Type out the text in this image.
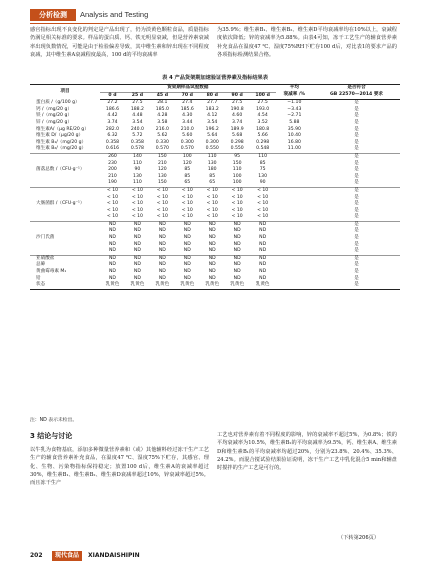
分析检测	Analysis and Testing
感官指标出现不良变化的判定是产品出现了，仍为淡黄色颗粒食品，质量指标仍满足相关标准的要求。样品的蛋白质、钙、铁无明显衰减，但是营养素衰减率出现负数情况，可能是由于检验偏差导致，其中维生素和锌出现在不同程度衰减，其中维生素A衰减程度最高，100 d的平均衰减率
为35.9%；维生素B₁、维生素B₂、维生素D平均衰减率均在10%以上，衰减程度依次降低；锌的衰减率为5.88%。由表4可知，冻干工艺生产的辅食营养素补充食品在温度47 ℃、湿度75%RH下贮存100 d后，对比表1的要求产品的各项指标检测结果合格。
表 4 产品货架期加速验证营养素及指标结果表
项目	货架期样品试验数据							平均	是否符合
	0 d	25 d	45 d	70 d	80 d	90 d	100 d	衰减率 /%	GB 22570—2014 要求
蛋白质 /（g/100 g）	27.2	27.5	28.1	27.4	27.7	27.5	27.5	−1.10	是
钙 /（mg/20 g）	186.6	188.2	185.0	185.6	183.2	190.8	193.0	−3.43	是
铁 /（mg/20 g）	4.42	4.48	4.28	4.30	4.12	4.60	4.54	−2.71	是
锌 /（mg/20 g）	3.74	3.54	3.58	3.44	3.54	3.74	3.52	5.88	是
维生素A/（μg RE/20 g）	282.0	240.0	216.0	210.0	196.2	189.9	180.8	35.90	是
维生素 D/（μg/20 g）	6.32	5.72	5.62	5.60	5.64	5.68	5.66	10.40	是
维生素 B₁/（mg/20 g）	0.358	0.358	0.330	0.300	0.300	0.298	0.298	16.80	是
维生素 B₂/（mg/20 g）	0.616	0.578	0.570	0.570	0.550	0.550	0.548	11.00	是
菌落总数 /（CFU·g⁻¹）	260	140	150	100	110	95	110		是
	230	110	210	120	130	150	85		是
	200	90	120	85	180	110	75		是
	210	130	130	85	85	100	130		是
	190	110	150	65	65	100	90		是
大肠菌群 /（CFU·g⁻¹）	< 10	< 10	< 10	< 10	< 10	< 10	< 10		是
	< 10	< 10	< 10	< 10	< 10	< 10	< 10		是
	< 10	< 10	< 10	< 10	< 10	< 10	< 10		是
	< 10	< 10	< 10	< 10	< 10	< 10	< 10		是
	< 10	< 10	< 10	< 10	< 10	< 10	< 10		是
沙门氏菌	ND	ND	ND	ND	ND	ND	ND		是
	ND	ND	ND	ND	ND	ND	ND		是
	ND	ND	ND	ND	ND	ND	ND		是
	ND	ND	ND	ND	ND	ND	ND		是
	ND	ND	ND	ND	ND	ND	ND		是
亚硝酸盐	ND	ND	ND	ND	ND	ND	ND		是
总砷	ND	ND	ND	ND	ND	ND	ND		是
黄曲霉毒素 M₁	ND	ND	ND	ND	ND	ND	ND		是
铅	ND	ND	ND	ND	ND	ND	ND		是
状态	乳黄色	乳黄色	乳黄色	乳黄色	乳黄色	乳黄色	乳黄色		是
注：ND 表示未检出。
3 结论与讨论
以牛乳为食物基底，添加多种微量营养素和（或）其他辅料经过冻干生产工艺生产的辅食营养素补充食品，在温度47 ℃、湿度75%下贮存，其感官、理化、生物、污染物指标保持稳定；放置100 d后，维生素A的衰减率超过30%，维生素B₁、维生素B₂、维生素D衰减率超过10%，锌衰减率超过5%。而且冻干生产
工艺也对营养素有着不同程度的影响，锌的衰减率不超过5%，为0.8%；铁的平均衰减率为10.5%，维生素B₂的平均衰减率为9.5%，钙、维生素A、维生素D和维生素B₁的平均衰减率均超过20%，分别为23.8%、20.4%、35.3%、24.2%。而混合搅试验结果验证说明，冻干生产工艺中乳化混合5 min和辅盘时搅拌的生产工艺是可行的。
（下转第206页）
202	现代食品	XIANDAISHIPIN
